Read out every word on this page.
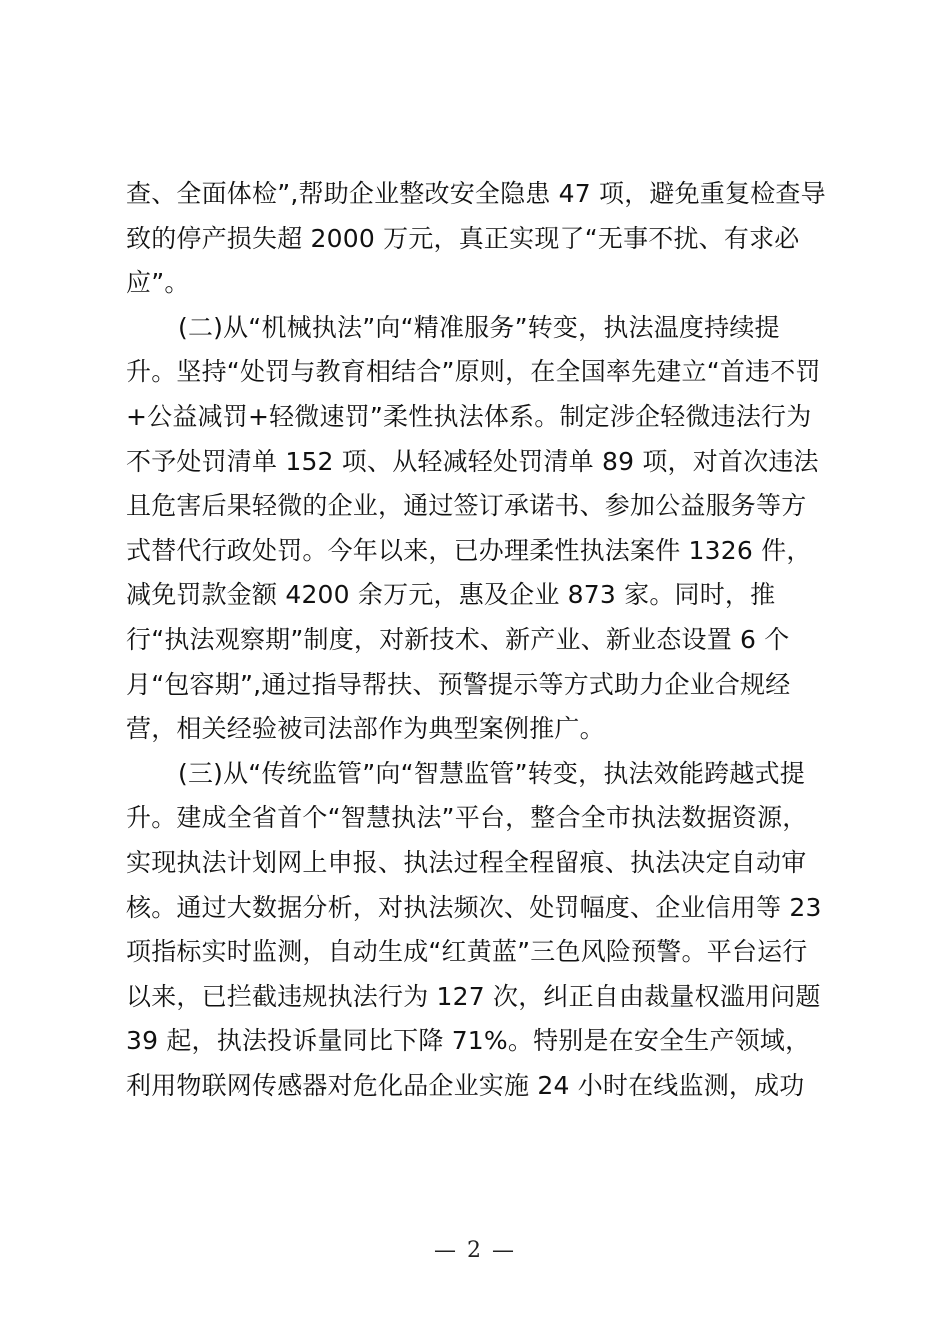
查、全面体检”,帮助企业整改安全隐患 47 项，避免重复检查导
致的停产损失超 2000 万元，真正实现了“无事不扰、有求必
应”。
(二)从“机械执法”向“精准服务”转变，执法温度持续提
升。坚持“处罚与教育相结合”原则，在全国率先建立“首违不罚
+公益减罚+轻微速罚”柔性执法体系。制定涉企轻微违法行为
不予处罚清单 152 项、从轻减轻处罚清单 89 项，对首次违法
且危害后果轻微的企业，通过签订承诺书、参加公益服务等方
式替代行政处罚。今年以来，已办理柔性执法案件 1326 件，
减免罚款金额 4200 余万元，惠及企业 873 家。同时，推
行“执法观察期”制度，对新技术、新产业、新业态设置 6 个
月“包容期”,通过指导帮扶、预警提示等方式助力企业合规经
营，相关经验被司法部作为典型案例推广。
(三)从“传统监管”向“智慧监管”转变，执法效能跨越式提
升。建成全省首个“智慧执法”平台，整合全市执法数据资源，
实现执法计划网上申报、执法过程全程留痕、执法决定自动审
核。通过大数据分析，对执法频次、处罚幅度、企业信用等 23
项指标实时监测，自动生成“红黄蓝”三色风险预警。平台运行
以来，已拦截违规执法行为 127 次，纠正自由裁量权滥用问题
39 起，执法投诉量同比下降 71%。特别是在安全生产领域，
利用物联网传感器对危化品企业实施 24 小时在线监测，成功
— 2 —
